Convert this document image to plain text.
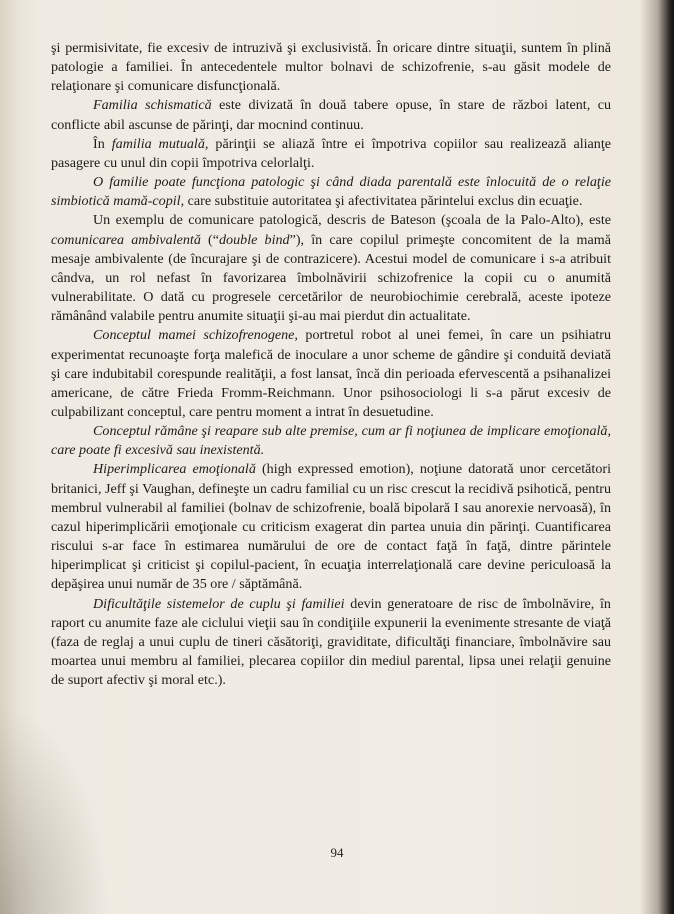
şi permisivitate, fie excesiv de intruzivă şi exclusivistă. În oricare dintre situaţii, suntem în plină patologie a familiei. În antecedentele multor bolnavi de schizofrenie, s-au găsit modele de relaţionare şi comunicare disfuncţională.

Familia schismatică este divizată în două tabere opuse, în stare de război latent, cu conflicte abil ascunse de părinţi, dar mocnind continuu.

În familia mutuală, părinţii se aliază între ei împotriva copiilor sau realizează alianţe pasagere cu unul din copii împotriva celorlalţi.

O familie poate funcţiona patologic şi când diada parentală este înlocuită de o relaţie simbiotică mamă-copil, care substituie autoritatea şi afectivitatea părintelui exclus din ecuaţie.

Un exemplu de comunicare patologică, descris de Bateson (şcoala de la Palo-Alto), este comunicarea ambivalentă (“double bind”), în care copilul primeşte concomitent de la mamă mesaje ambivalente (de încurajare şi de contrazicere). Acestui model de comunicare i s-a atribuit cândva, un rol nefast în favorizarea îmbolnăvirii schizofrenice la copii cu o anumită vulnerabilitate. O dată cu progresele cercetărilor de neurobiochimie cerebrală, aceste ipoteze rămânând valabile pentru anumite situaţii şi-au mai pierdut din actualitate.

Conceptul mamei schizofrenogene, portretul robot al unei femei, în care un psihiatru experimentat recunoaşte forţa malefică de inoculare a unor scheme de gândire şi conduită deviată şi care indubitabil corespunde realităţii, a fost lansat, încă din perioada efervescentă a psihanalizei americane, de către Frieda Fromm-Reichmann. Unor psihosociologi li s-a părut excesiv de culpabilizant conceptul, care pentru moment a intrat în desuetudine.

Conceptul rămâne şi reapare sub alte premise, cum ar fi noţiunea de implicare emoţională, care poate fi excesivă sau inexistentă.

Hiperimplicarea emoţională (high expressed emotion), noţiune datorată unor cercetători britanici, Jeff şi Vaughan, defineşte un cadru familial cu un risc crescut la recidivă psihotică, pentru membrul vulnerabil al familiei (bolnav de schizofrenie, boală bipolară I sau anorexie nervoasă), în cazul hiperimplicării emoţionale cu criticism exagerat din partea unuia din părinţi. Cuantificarea riscului s-ar face în estimarea numărului de ore de contact faţă în faţă, dintre părintele hiperimplicat şi criticist şi copilul-pacient, în ecuaţia interrelaţională care devine periculoasă la depăşirea unui număr de 35 ore / săptămână.

Dificultăţile sistemelor de cuplu şi familiei devin generatoare de risc de îmbolnăvire, în raport cu anumite faze ale ciclului vieţii sau în condiţiile expunerii la evenimente stresante de viaţă (faza de reglaj a unui cuplu de tineri căsătoriţi, graviditate, dificultăţi financiare, îmbolnăvire sau moartea unui membru al familiei, plecarea copiilor din mediul parental, lipsa unei relaţii genuine de suport afectiv şi moral etc.).

94
